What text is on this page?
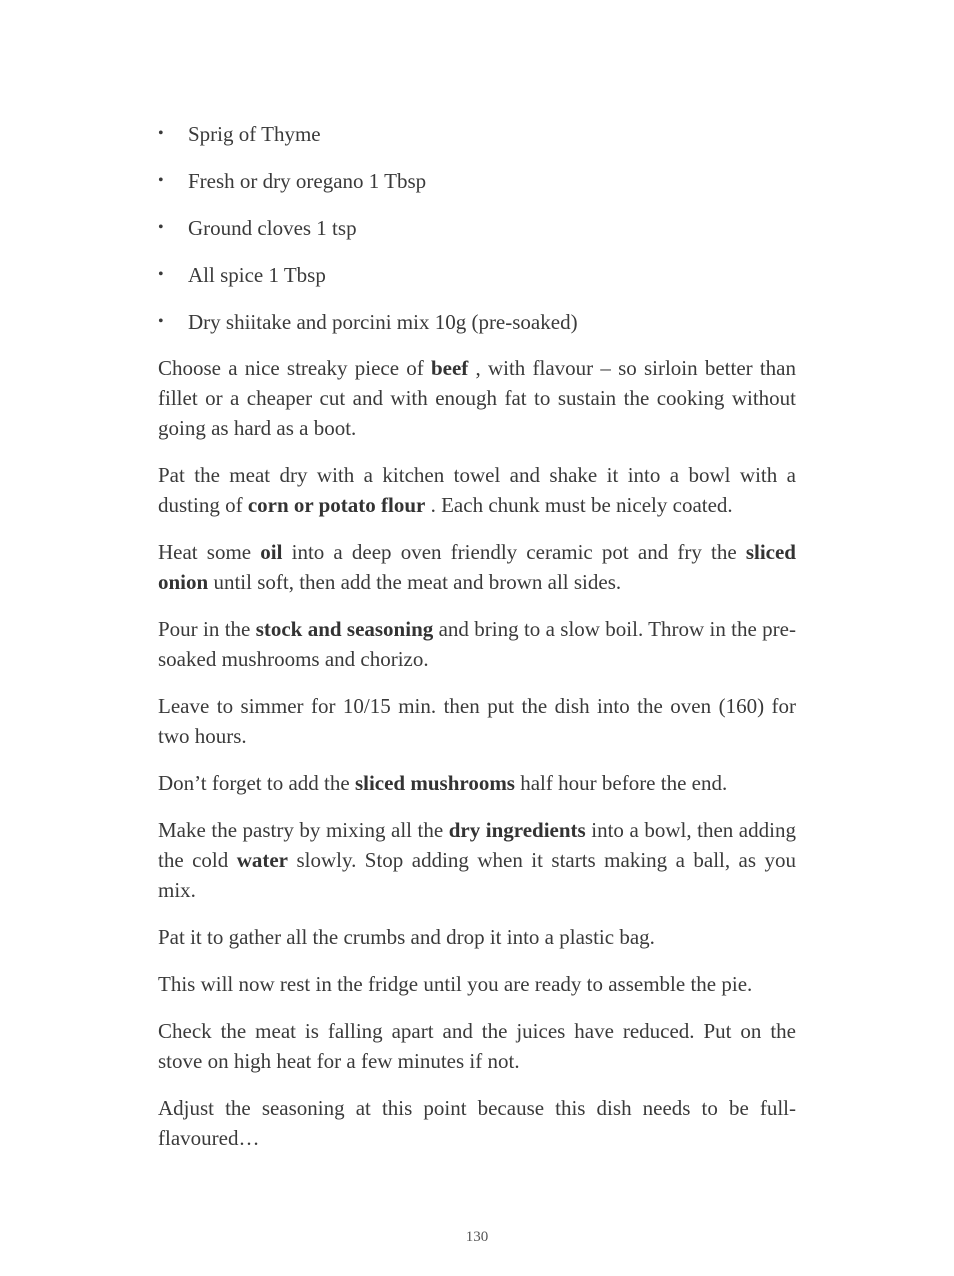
•	Sprig of Thyme
•	Fresh or dry oregano 1 Tbsp
•	Ground cloves 1 tsp
•	All spice 1 Tbsp
•	Dry shiitake and porcini mix 10g (pre-soaked)

Choose a nice streaky piece of beef , with flavour – so sirloin better than fillet or a cheaper cut and with enough fat to sustain the cooking without going as hard as a boot.

Pat the meat dry with a kitchen towel and shake it into a bowl with a dusting of corn or potato flour . Each chunk must be nicely coated.

Heat some oil into a deep oven friendly ceramic pot and fry the sliced onion until soft, then add the meat and brown all sides.

Pour in the stock and seasoning and bring to a slow boil. Throw in the pre-soaked mushrooms and chorizo.

Leave to simmer for 10/15 min. then put the dish into the oven (160) for two hours.

Don’t forget to add the sliced mushrooms half hour before the end.

Make the pastry by mixing all the dry ingredients into a bowl, then adding the cold water slowly. Stop adding when it starts making a ball, as you mix.

Pat it to gather all the crumbs and drop it into a plastic bag.

This will now rest in the fridge until you are ready to assemble the pie.

Check the meat is falling apart and the juices have reduced. Put on the stove on high heat for a few minutes if not.

Adjust the seasoning at this point because this dish needs to be full-flavoured…

130
